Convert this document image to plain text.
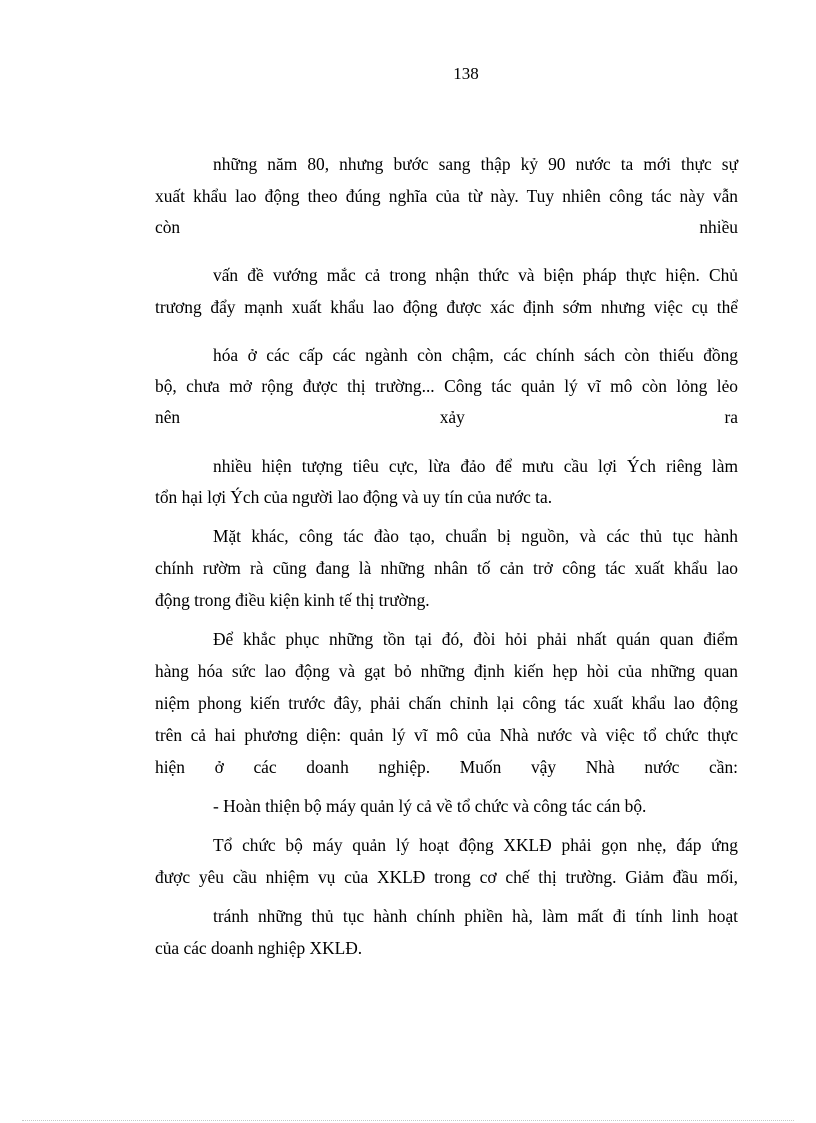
138
những năm 80, nhưng bước sang thập kỷ 90 nước ta mới thực sự
xuất khẩu lao động theo đúng nghĩa của từ này. Tuy nhiên công tác này vẫn
còn nhiều
vấn đề vướng mắc cả trong nhận thức và biện pháp thực hiện. Chủ
trương đẩy mạnh xuất khẩu lao động được xác định sớm nhưng việc cụ thể
hóa ở các cấp các ngành còn chậm, các chính sách còn thiếu đồng
bộ, chưa mở rộng được thị trường... Công tác quản lý vĩ mô còn lỏng lẻo
nên xảy ra
nhiều hiện tượng tiêu cực, lừa đảo để mưu cầu lợi Ých riêng làm
tổn hại lợi Ých của người lao động và uy tín của nước ta.
Mặt khác, công tác đào tạo, chuẩn bị nguồn, và các thủ tục hành
chính rườm rà cũng đang là những nhân tố cản trở công tác xuất khẩu lao
động trong điều kiện kinh tế thị trường.
Để khắc phục những tồn tại đó, đòi hỏi phải nhất quán quan điểm
hàng hóa sức lao động và gạt bỏ những định kiến hẹp hòi của những quan
niệm phong kiến trước đây, phải chấn chỉnh lại công tác xuất khẩu lao động
trên cả hai phương diện: quản lý vĩ mô của Nhà nước và việc tổ chức thực
hiện ở các doanh nghiệp. Muốn vậy Nhà nước cần:
- Hoàn thiện bộ máy quản lý cả về tổ chức và công tác cán bộ.
Tổ chức bộ máy quản lý hoạt động XKLĐ phải gọn nhẹ, đáp ứng
được yêu cầu nhiệm vụ của XKLĐ trong cơ chế thị trường. Giảm đầu mối,
tránh những thủ tục hành chính phiền hà, làm mất đi tính linh hoạt
của các doanh nghiệp XKLĐ.
